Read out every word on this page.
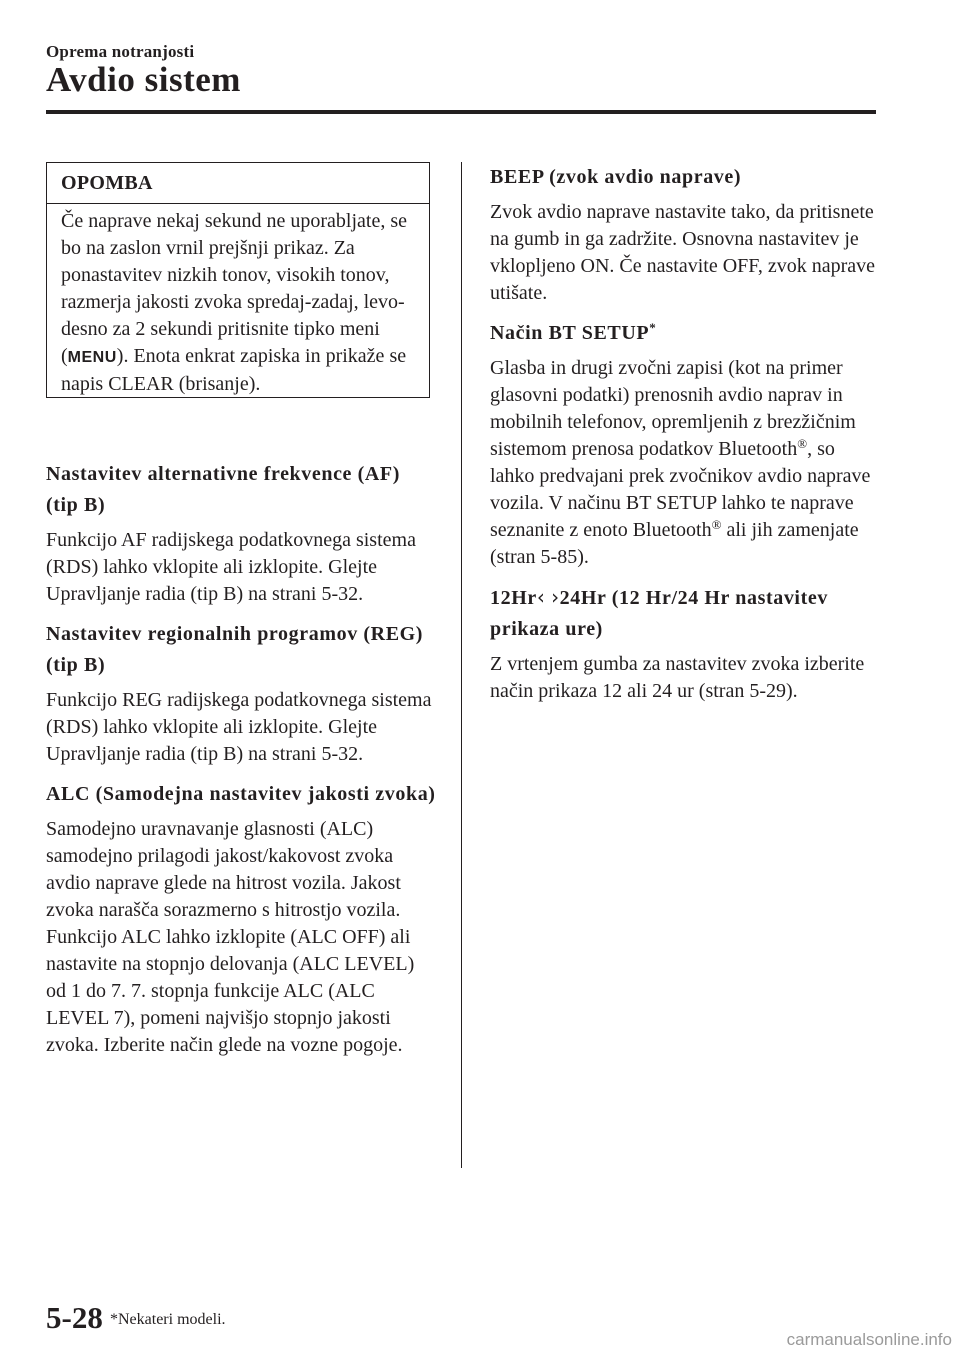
Oprema notranjosti
Avdio sistem
OPOMBA
Če naprave nekaj sekund ne uporabljate, se bo na zaslon vrnil prejšnji prikaz. Za ponastavitev nizkih tonov, visokih tonov, razmerja jakosti zvoka spredaj-zadaj, levo-desno za 2 sekundi pritisnite tipko meni (MENU). Enota enkrat zapiska in prikaže se napis CLEAR (brisanje).
Nastavitev alternativne frekvence (AF) (tip B)
Funkcijo AF radijskega podatkovnega sistema (RDS) lahko vklopite ali izklopite. Glejte Upravljanje radia (tip B) na strani 5-32.
Nastavitev regionalnih programov (REG) (tip B)
Funkcijo REG radijskega podatkovnega sistema (RDS) lahko vklopite ali izklopite. Glejte Upravljanje radia (tip B) na strani 5-32.
ALC (Samodejna nastavitev jakosti zvoka)
Samodejno uravnavanje glasnosti (ALC) samodejno prilagodi jakost/kakovost zvoka avdio naprave glede na hitrost vozila. Jakost zvoka narašča sorazmerno s hitrostjo vozila. Funkcijo ALC lahko izklopite (ALC OFF) ali nastavite na stopnjo delovanja (ALC LEVEL) od 1 do 7. 7. stopnja funkcije ALC (ALC LEVEL 7), pomeni najvišjo stopnjo jakosti zvoka. Izberite način glede na vozne pogoje.
BEEP (zvok avdio naprave)
Zvok avdio naprave nastavite tako, da pritisnete na gumb in ga zadržite. Osnovna nastavitev je vklopljeno ON. Če nastavite OFF, zvok naprave utišate.
Način BT SETUP*
Glasba in drugi zvočni zapisi (kot na primer glasovni podatki) prenosnih avdio naprav in mobilnih telefonov, opremljenih z brezžičnim sistemom prenosa podatkov Bluetooth®, so lahko predvajani prek zvočnikov avdio naprave vozila. V načinu BT SETUP lahko te naprave seznanite z enoto Bluetooth® ali jih zamenjate (stran 5-85).
12Hr‹ ›24Hr (12 Hr/24 Hr nastavitev prikaza ure)
Z vrtenjem gumba za nastavitev zvoka izberite način prikaza 12 ali 24 ur (stran 5-29).
5-28 *Nekateri modeli.
carmanualsonline.info
